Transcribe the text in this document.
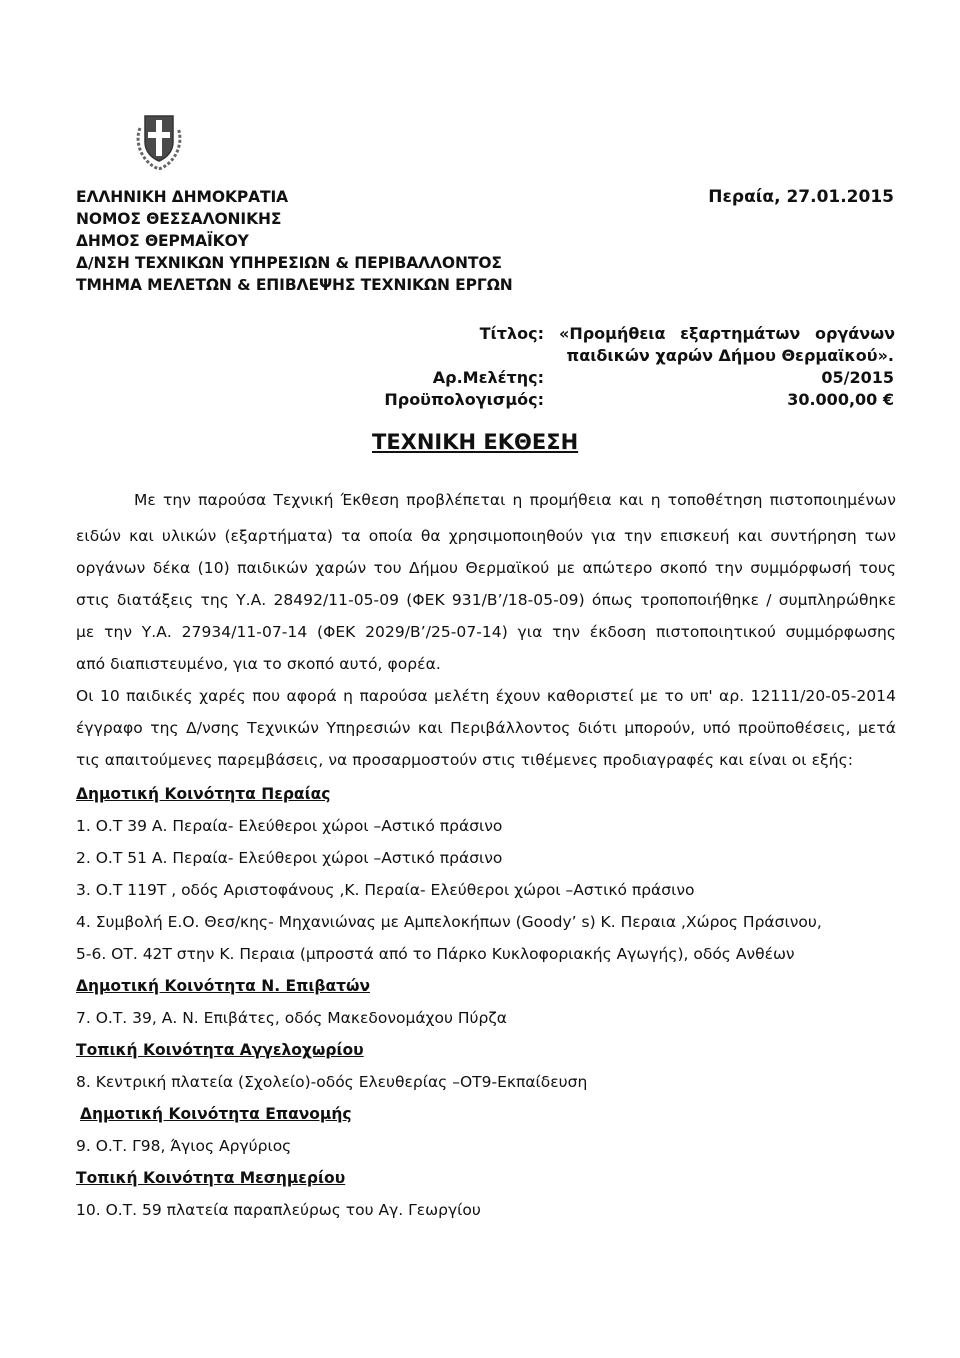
ΕΛΛΗΝΙΚΗ ΔΗΜΟΚΡΑΤΙΑ
ΝΟΜΟΣ ΘΕΣΣΑΛΟΝΙΚΗΣ
ΔΗΜΟΣ ΘΕΡΜΑΪΚΟΥ
Δ/ΝΣΗ ΤΕΧΝΙΚΩΝ ΥΠΗΡΕΣΙΩΝ & ΠΕΡΙΒΑΛΛΟΝΤΟΣ
ΤΜΗΜΑ ΜΕΛΕΤΩΝ & ΕΠΙΒΛΕΨΗΣ ΤΕΧΝΙΚΩΝ ΕΡΓΩΝ
Περαία, 27.01.2015
Τίτλος: «Προμήθεια εξαρτημάτων οργάνων
παιδικών χαρών Δήμου Θερμαϊκού».
Αρ.Μελέτης:	05/2015
Προϋπολογισμός:	30.000,00 €
ΤΕΧΝΙΚΗ ΕΚΘΕΣΗ
Με την παρούσα Τεχνική Έκθεση προβλέπεται η προμήθεια και η τοποθέτηση πιστοποιημένων
ειδών και υλικών (εξαρτήματα) τα οποία θα χρησιμοποιηθούν για την επισκευή και συντήρηση των
οργάνων δέκα (10) παιδικών χαρών του Δήμου Θερμαϊκού με απώτερο σκοπό την συμμόρφωσή τους
στις διατάξεις της Υ.Α. 28492/11-05-09 (ΦΕΚ 931/Β’/18-05-09) όπως τροποποιήθηκε / συμπληρώθηκε
με την Υ.Α. 27934/11-07-14 (ΦΕΚ 2029/Β’/25-07-14) για την έκδοση πιστοποιητικού συμμόρφωσης
από διαπιστευμένο, για το σκοπό αυτό, φορέα.
Οι 10 παιδικές χαρές που αφορά η παρούσα μελέτη έχουν καθοριστεί με το υπ' αρ. 12111/20-05-2014
έγγραφο της Δ/νσης Τεχνικών Υπηρεσιών και Περιβάλλοντος διότι μπορούν, υπό προϋποθέσεις, μετά
τις απαιτούμενες παρεμβάσεις, να προσαρμοστούν στις τιθέμενες προδιαγραφές και είναι οι εξής:
Δημοτική Κοινότητα Περαίας
1. Ο.Τ 39 Α. Περαία- Ελεύθεροι χώροι –Αστικό πράσινο
2. Ο.Τ 51 Α. Περαία- Ελεύθεροι χώροι –Αστικό πράσινο
3. Ο.Τ 119Τ , οδός Αριστοφάνους ,Κ. Περαία- Ελεύθεροι χώροι –Αστικό πράσινο
4. Συμβολή Ε.Ο. Θεσ/κης- Μηχανιώνας με Αμπελοκήπων (Goody’ s) Κ. Περαια ,Χώρος Πράσινου,
5-6. ΟΤ. 42Τ στην Κ. Περαια (μπροστά από το Πάρκο Κυκλοφοριακής Αγωγής), οδός Ανθέων
Δημοτική Κοινότητα Ν. Επιβατών
7. Ο.Τ. 39, Α. Ν. Επιβάτες, οδός Μακεδονομάχου Πύρζα
Τοπική Κοινότητα Αγγελοχωρίου
8. Κεντρική πλατεία (Σχολείο)-οδός Ελευθερίας –ΟΤ9-Εκπαίδευση
Δημοτική Κοινότητα Επανομής
9. Ο.Τ. Γ98, Άγιος Αργύριος
Τοπική Κοινότητα Μεσημερίου
10. Ο.Τ. 59 πλατεία παραπλεύρως του Αγ. Γεωργίου
